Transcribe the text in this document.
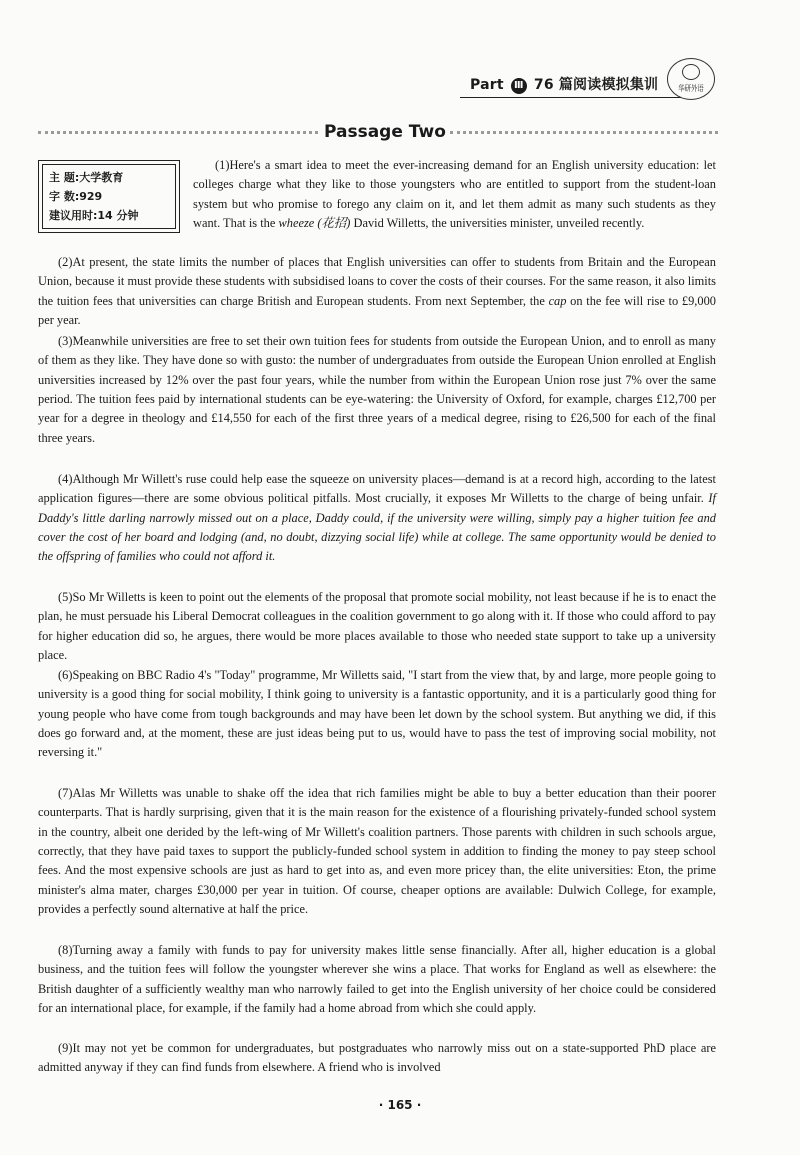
Part Ⅲ 76 篇阅读模拟集训	华研外语
Passage Two
主 题:大学教育
字 数:929
建议用时:14 分钟

(1)Here's a smart idea to meet the ever-increasing demand for an English university education: let colleges charge what they like to those youngsters who are entitled to support from the student-loan system but who promise to forego any claim on it, and let them admit as many such students as they want. That is the wheeze (花招) David Willetts, the universities minister, unveiled recently.

(2)At present, the state limits the number of places that English universities can offer to students from Britain and the European Union, because it must provide these students with subsidised loans to cover the costs of their courses. For the same reason, it also limits the tuition fees that universities can charge British and European students. From next September, the cap on the fee will rise to £9,000 per year.

(3)Meanwhile universities are free to set their own tuition fees for students from outside the European Union, and to enroll as many of them as they like. They have done so with gusto: the number of undergraduates from outside the European Union enrolled at English universities increased by 12% over the past four years, while the number from within the European Union rose just 7% over the same period. The tuition fees paid by international students can be eye-watering: the University of Oxford, for example, charges £12,700 per year for a degree in theology and £14,550 for each of the first three years of a medical degree, rising to £26,500 for each of the final three years.

(4)Although Mr Willett's ruse could help ease the squeeze on university places—demand is at a record high, according to the latest application figures—there are some obvious political pitfalls. Most crucially, it exposes Mr Willetts to the charge of being unfair. If Daddy's little darling narrowly missed out on a place, Daddy could, if the university were willing, simply pay a higher tuition fee and cover the cost of her board and lodging (and, no doubt, dizzying social life) while at college. The same opportunity would be denied to the offspring of families who could not afford it.

(5)So Mr Willetts is keen to point out the elements of the proposal that promote social mobility, not least because if he is to enact the plan, he must persuade his Liberal Democrat colleagues in the coalition government to go along with it. If those who could afford to pay for higher education did so, he argues, there would be more places available to those who needed state support to take up a university place.

(6)Speaking on BBC Radio 4's "Today" programme, Mr Willetts said, "I start from the view that, by and large, more people going to university is a good thing for social mobility, I think going to university is a fantastic opportunity, and it is a particularly good thing for young people who have come from tough backgrounds and may have been let down by the school system. But anything we did, if this does go forward and, at the moment, these are just ideas being put to us, would have to pass the test of improving social mobility, not reversing it."

(7)Alas Mr Willetts was unable to shake off the idea that rich families might be able to buy a better education than their poorer counterparts. That is hardly surprising, given that it is the main reason for the existence of a flourishing privately-funded school system in the country, albeit one derided by the left-wing of Mr Willett's coalition partners. Those parents with children in such schools argue, correctly, that they have paid taxes to support the publicly-funded school system in addition to finding the money to pay steep school fees. And the most expensive schools are just as hard to get into as, and even more pricey than, the elite universities: Eton, the prime minister's alma mater, charges £30,000 per year in tuition. Of course, cheaper options are available: Dulwich College, for example, provides a perfectly sound alternative at half the price.

(8)Turning away a family with funds to pay for university makes little sense financially. After all, higher education is a global business, and the tuition fees will follow the youngster wherever she wins a place. That works for England as well as elsewhere: the British daughter of a sufficiently wealthy man who narrowly failed to get into the English university of her choice could be considered for an international place, for example, if the family had a home abroad from which she could apply.

(9)It may not yet be common for undergraduates, but postgraduates who narrowly miss out on a state-supported PhD place are admitted anyway if they can find funds from elsewhere. A friend who is involved

· 165 ·
